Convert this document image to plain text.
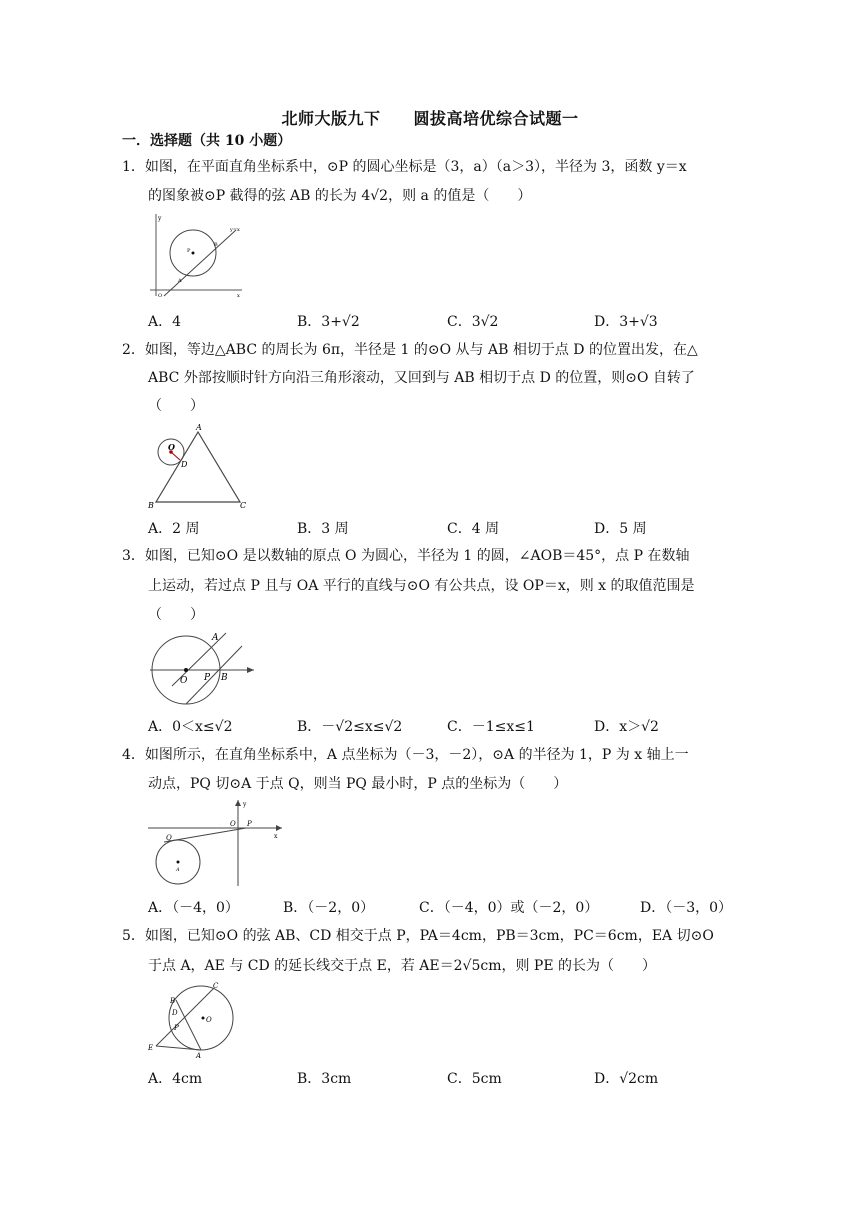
北师大版九下　　圆拔高培优综合试题一
一．选择题（共 10 小题）
1．如图，在平面直角坐标系中，⊙P 的圆心坐标是（3，a）（a＞3），半径为 3，函数 y＝x
的图象被⊙P 截得的弦 AB 的长为 4√2，则 a 的值是（　　）
y
y=x
P
B
A
O	x
A．4	B．3+√2	C．3√2	D．3+√3
2．如图，等边△ABC 的周长为 6π，半径是 1 的⊙O 从与 AB 相切于点 D 的位置出发，在△
ABC 外部按顺时针方向沿三角形滚动，又回到与 AB 相切于点 D 的位置，则⊙O 自转了
（　　）
A
O
D
B	C
A．2 周	B．3 周	C．4 周	D．5 周
3．如图，已知⊙O 是以数轴的原点 O 为圆心，半径为 1 的圆，∠AOB＝45°，点 P 在数轴
上运动，若过点 P 且与 OA 平行的直线与⊙O 有公共点，设 OP＝x，则 x 的取值范围是
（　　）
A
O P B
A．0＜x≤√2	B．－√2≤x≤√2	C．－1≤x≤1	D．x＞√2
4．如图所示，在直角坐标系中，A 点坐标为（－3，－2），⊙A 的半径为 1，P 为 x 轴上一
动点，PQ 切⊙A 于点 Q，则当 PQ 最小时，P 点的坐标为（　　）
y
O P
x
Q
A
A．（－4，0）	B．（－2，0）	C．（－4，0）或（－2，0）	D．（－3，0）
5．如图，已知⊙O 的弦 AB、CD 相交于点 P，PA＝4cm，PB＝3cm，PC＝6cm，EA 切⊙O
于点 A，AE 与 CD 的延长线交于点 E，若 AE＝2√5cm，则 PE 的长为（　　）
C
B
D
P
O
E
A
A．4cm	B．3cm	C．5cm	D．√2cm
